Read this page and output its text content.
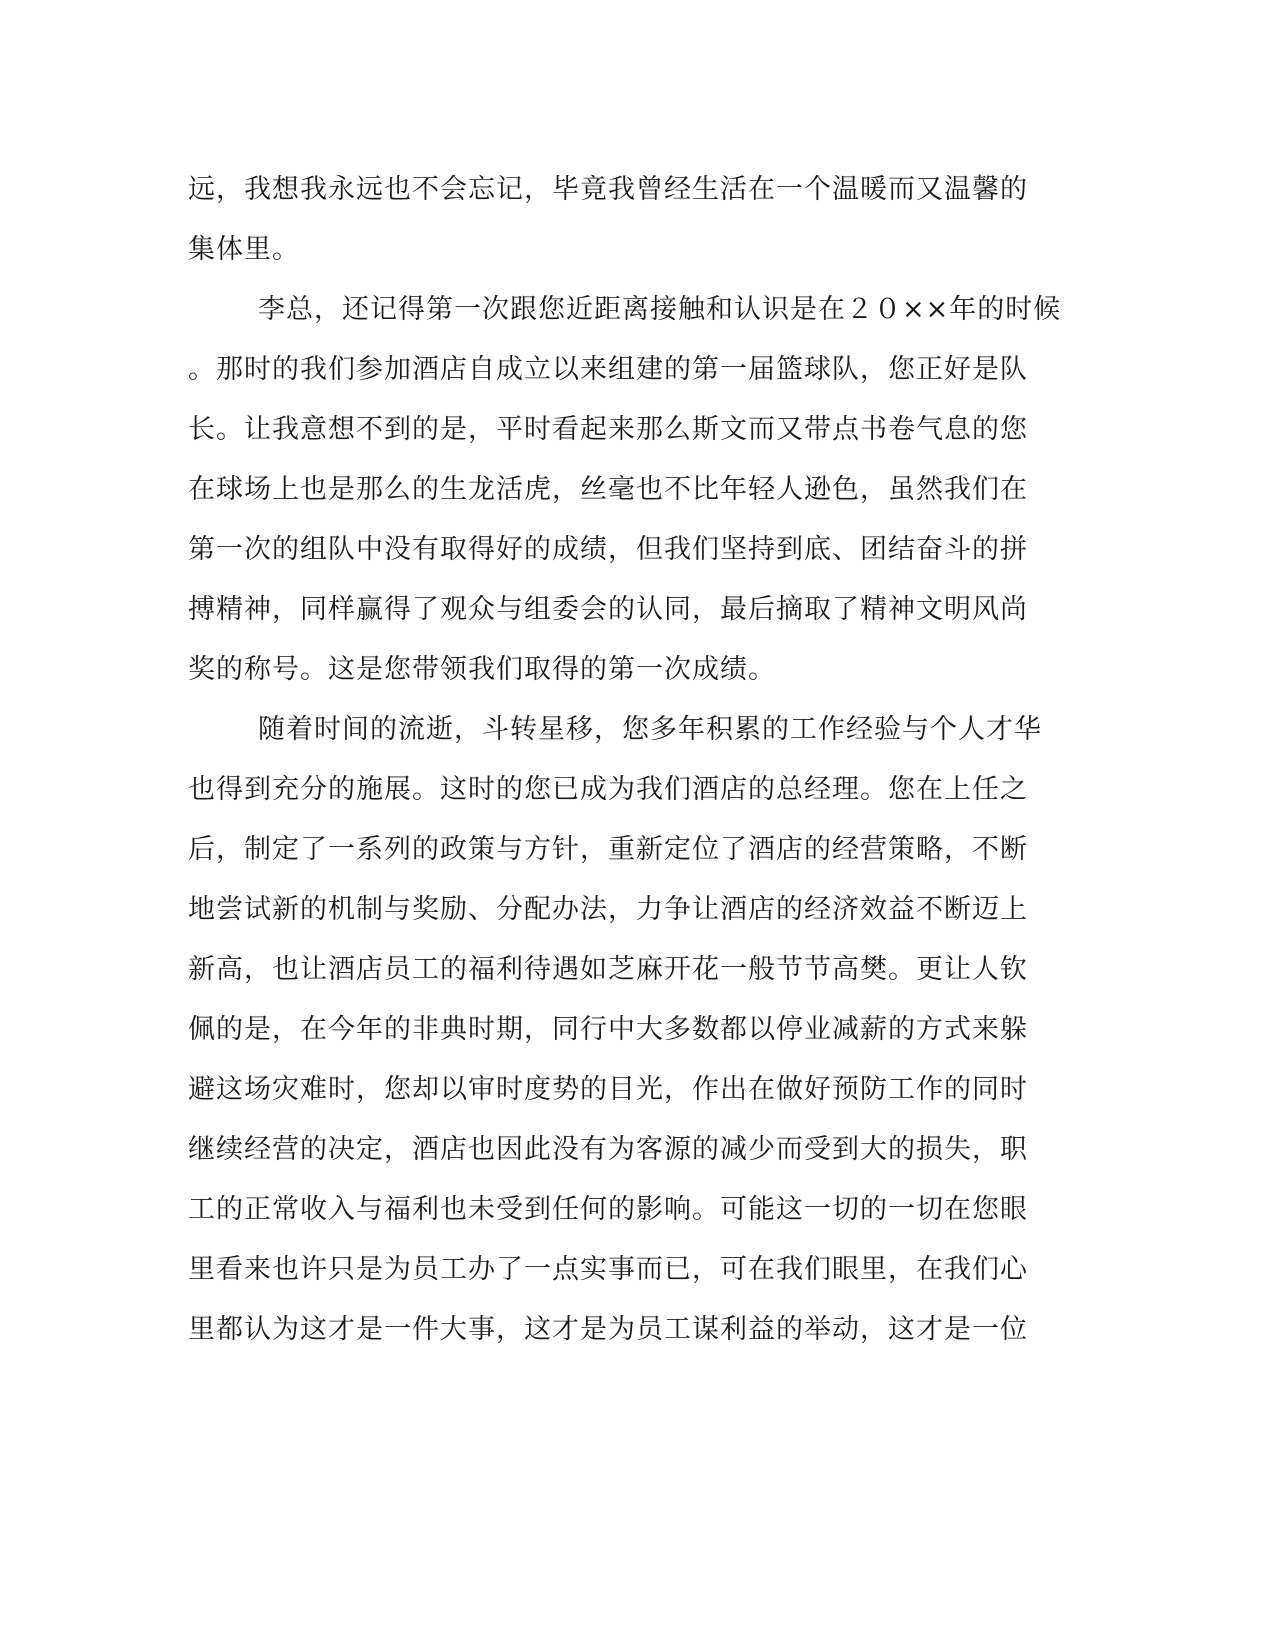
远，我想我永远也不会忘记，毕竟我曾经生活在一个温暖而又温馨的
集体里。
李总，还记得第一次跟您近距离接触和认识是在２０××年的时候
。那时的我们参加酒店自成立以来组建的第一届篮球队，您正好是队
长。让我意想不到的是，平时看起来那么斯文而又带点书卷气息的您
在球场上也是那么的生龙活虎，丝毫也不比年轻人逊色，虽然我们在
第一次的组队中没有取得好的成绩，但我们坚持到底、团结奋斗的拼
搏精神，同样赢得了观众与组委会的认同，最后摘取了精神文明风尚
奖的称号。这是您带领我们取得的第一次成绩。
随着时间的流逝，斗转星移，您多年积累的工作经验与个人才华
也得到充分的施展。这时的您已成为我们酒店的总经理。您在上任之
后，制定了一系列的政策与方针，重新定位了酒店的经营策略，不断
地尝试新的机制与奖励、分配办法，力争让酒店的经济效益不断迈上
新高，也让酒店员工的福利待遇如芝麻开花一般节节高樊。更让人钦
佩的是，在今年的非典时期，同行中大多数都以停业减薪的方式来躲
避这场灾难时，您却以审时度势的目光，作出在做好预防工作的同时
继续经营的决定，酒店也因此没有为客源的减少而受到大的损失，职
工的正常收入与福利也未受到任何的影响。可能这一切的一切在您眼
里看来也许只是为员工办了一点实事而已，可在我们眼里，在我们心
里都认为这才是一件大事，这才是为员工谋利益的举动，这才是一位
